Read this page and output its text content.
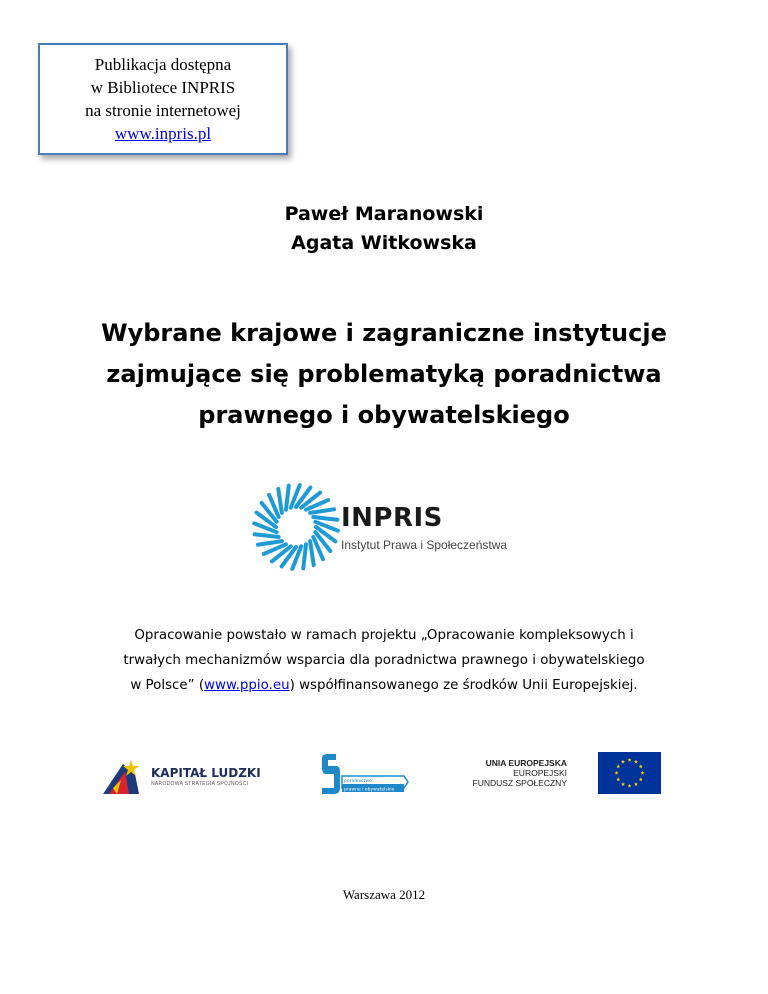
Publikacja dostępna
w Bibliotece INPRIS
na stronie internetowej
www.inpris.pl
Paweł Maranowski
Agata Witkowska
Wybrane krajowe i zagraniczne instytucje
zajmujące się problematyką poradnictwa
prawnego i obywatelskiego
INPRIS
Instytut Prawa i Społeczeństwa
Opracowanie powstało w ramach projektu „Opracowanie kompleksowych i
trwałych mechanizmów wsparcia dla poradnictwa prawnego i obywatelskiego
w Polsce” (www.ppio.eu) współfinansowanego ze środków Unii Europejskiej.
KAPITAŁ LUDZKI
NARODOWA STRATEGIA SPÓJNOŚCI	poradnictwo
prawne i obywatelskie
UNIA EUROPEJSKA
EUROPEJSKI
FUNDUSZ SPOŁECZNY
Warszawa 2012
